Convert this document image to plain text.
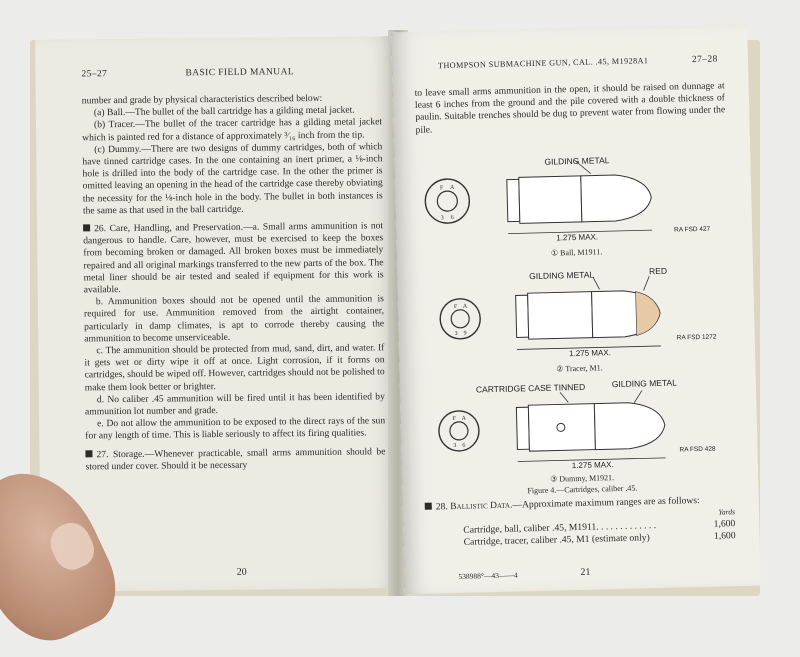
25–27	BASIC FIELD MANUAL

number and grade by physical characteristics described below:

(a) Ball.—The bullet of the ball cartridge has a gilding metal jacket.

(b) Tracer.—The bullet of the tracer cartridge has a gilding metal jacket which is painted red for a distance of approximately ³⁄₁₆ inch from the tip.

(c) Dummy.—There are two designs of dummy cartridges, both of which have tinned cartridge cases. In the one containing an inert primer, a ⅛-inch hole is drilled into the body of the cartridge case. In the other the primer is omitted leaving an opening in the head of the cartridge case thereby obviating the necessity for the ⅛-inch hole in the body. The bullet in both instances is the same as that used in the ball cartridge.

26. Care, Handling, and Preservation.—a. Small arms ammunition is not dangerous to handle. Care, however, must be exercised to keep the boxes from becoming broken or damaged. All broken boxes must be immediately repaired and all original markings transferred to the new parts of the box. The metal liner should be air tested and sealed if equipment for this work is available.

b. Ammunition boxes should not be opened until the ammunition is required for use. Ammunition removed from the airtight container, particularly in damp climates, is apt to corrode thereby causing the ammunition to become unserviceable.

c. The ammunition should be protected from mud, sand, dirt, and water. If it gets wet or dirty wipe it off at once. Light corrosion, if it forms on cartridges, should be wiped off. However, cartridges should not be polished to make them look better or brighter.

d. No caliber .45 ammunition will be fired until it has been identified by ammunition lot number and grade.

e. Do not allow the ammunition to be exposed to the direct rays of the sun for any length of time. This is liable seriously to affect its firing qualities.

27. Storage.—Whenever practicable, small arms ammunition should be stored under cover. Should it be necessary

20
THOMPSON SUBMACHINE GUN, CAL. .45, M1928A1	27–28

to leave small arms ammunition in the open, it should be raised on dunnage at least 6 inches from the ground and the pile covered with a double thickness of paulin. Suitable trenches should be dug to prevent water from flowing under the pile.

F A
3 6
GILDING METAL
1.275 MAX.
RA FSD 427
① Ball, M1911.
F A
3 9
GILDING METAL	RED
1.275 MAX.
RA FSD 1272
② Tracer, M1.
F A
3 6
CARTRIDGE CASE TINNED	GILDING METAL
1.275 MAX.
RA FSD 428
③ Dummy, M1921.
Figure 4.—Cartridges, caliber .45.

28. Ballistic Data.—Approximate maximum ranges are as follows:

Yards
Cartridge, ball, caliber .45, M1911. . . . . . . . . . . . .	1,600
Cartridge, tracer, caliber .45, M1 (estimate only)	1,600
538988°—43——4	21
